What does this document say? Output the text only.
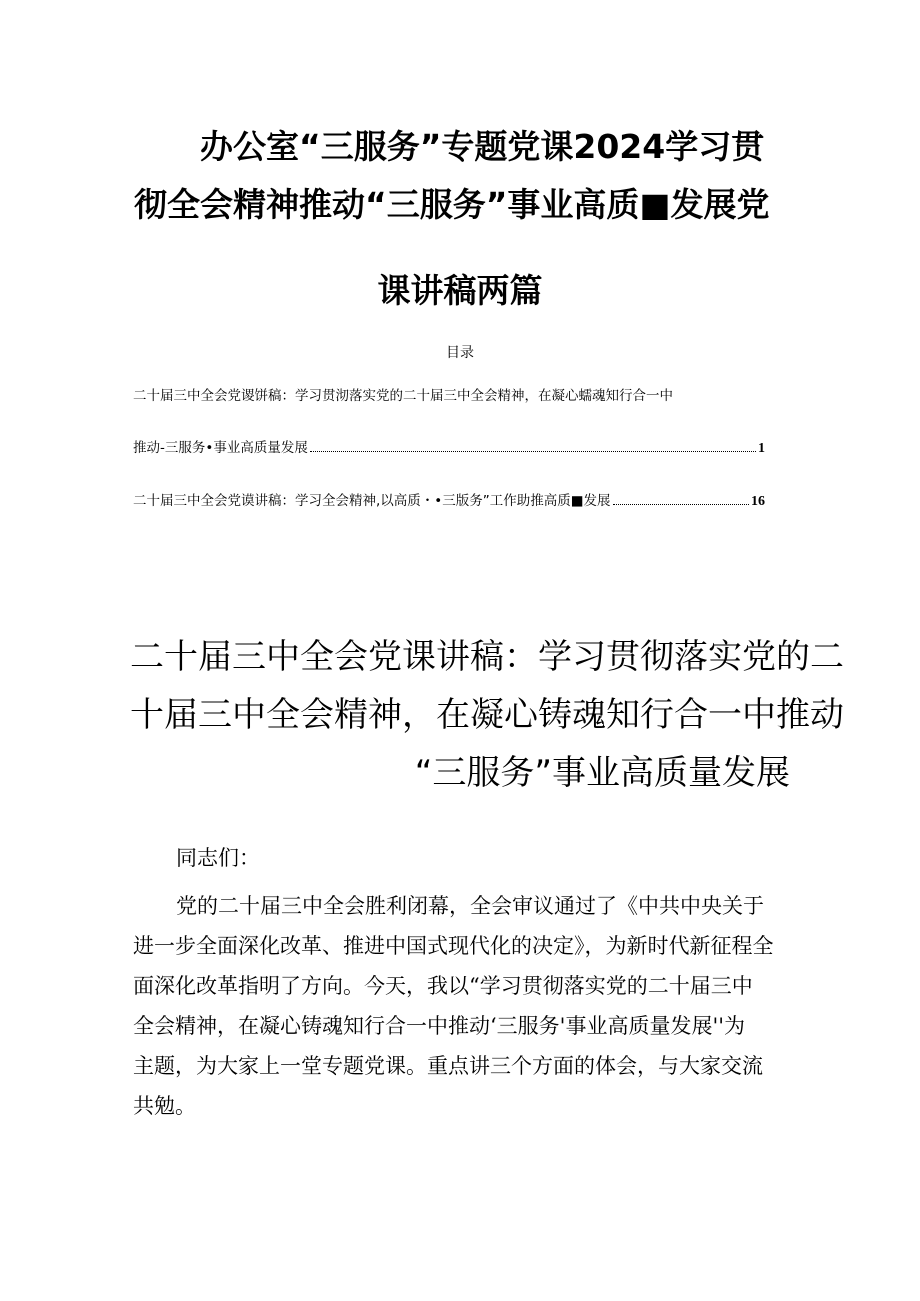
办公室“三服务”专题党课2024学习贯
彻全会精神推动“三服务”事业高质■发展党
课讲稿两篇
目录
二十届三中全会党谡饼稿：学习贯沏落实党的二十届三中全会精神，在凝心蠕魂知行合一中
推动-三服务•事业高质量发展	1
二十届三中全会党谟讲稿：学习全会精神,以高质・•三版务”工作助推高质■发展	16
二十届三中全会党课讲稿：学习贯彻落实党的二
十届三中全会精神，在凝心铸魂知行合一中推动
“三服务”事业高质量发展
同志们：
党的二十届三中全会胜利闭幕，全会审议通过了《中共中央关于
进一步全面深化改革、推进中国式现代化的决定》，为新时代新征程全
面深化改革指明了方向。今天，我以“学习贯彻落实党的二十届三中
全会精神，在凝心铸魂知行合一中推动‘三服务'事业高质量发展''为
主题，为大家上一堂专题党课。重点讲三个方面的体会，与大家交流
共勉。
